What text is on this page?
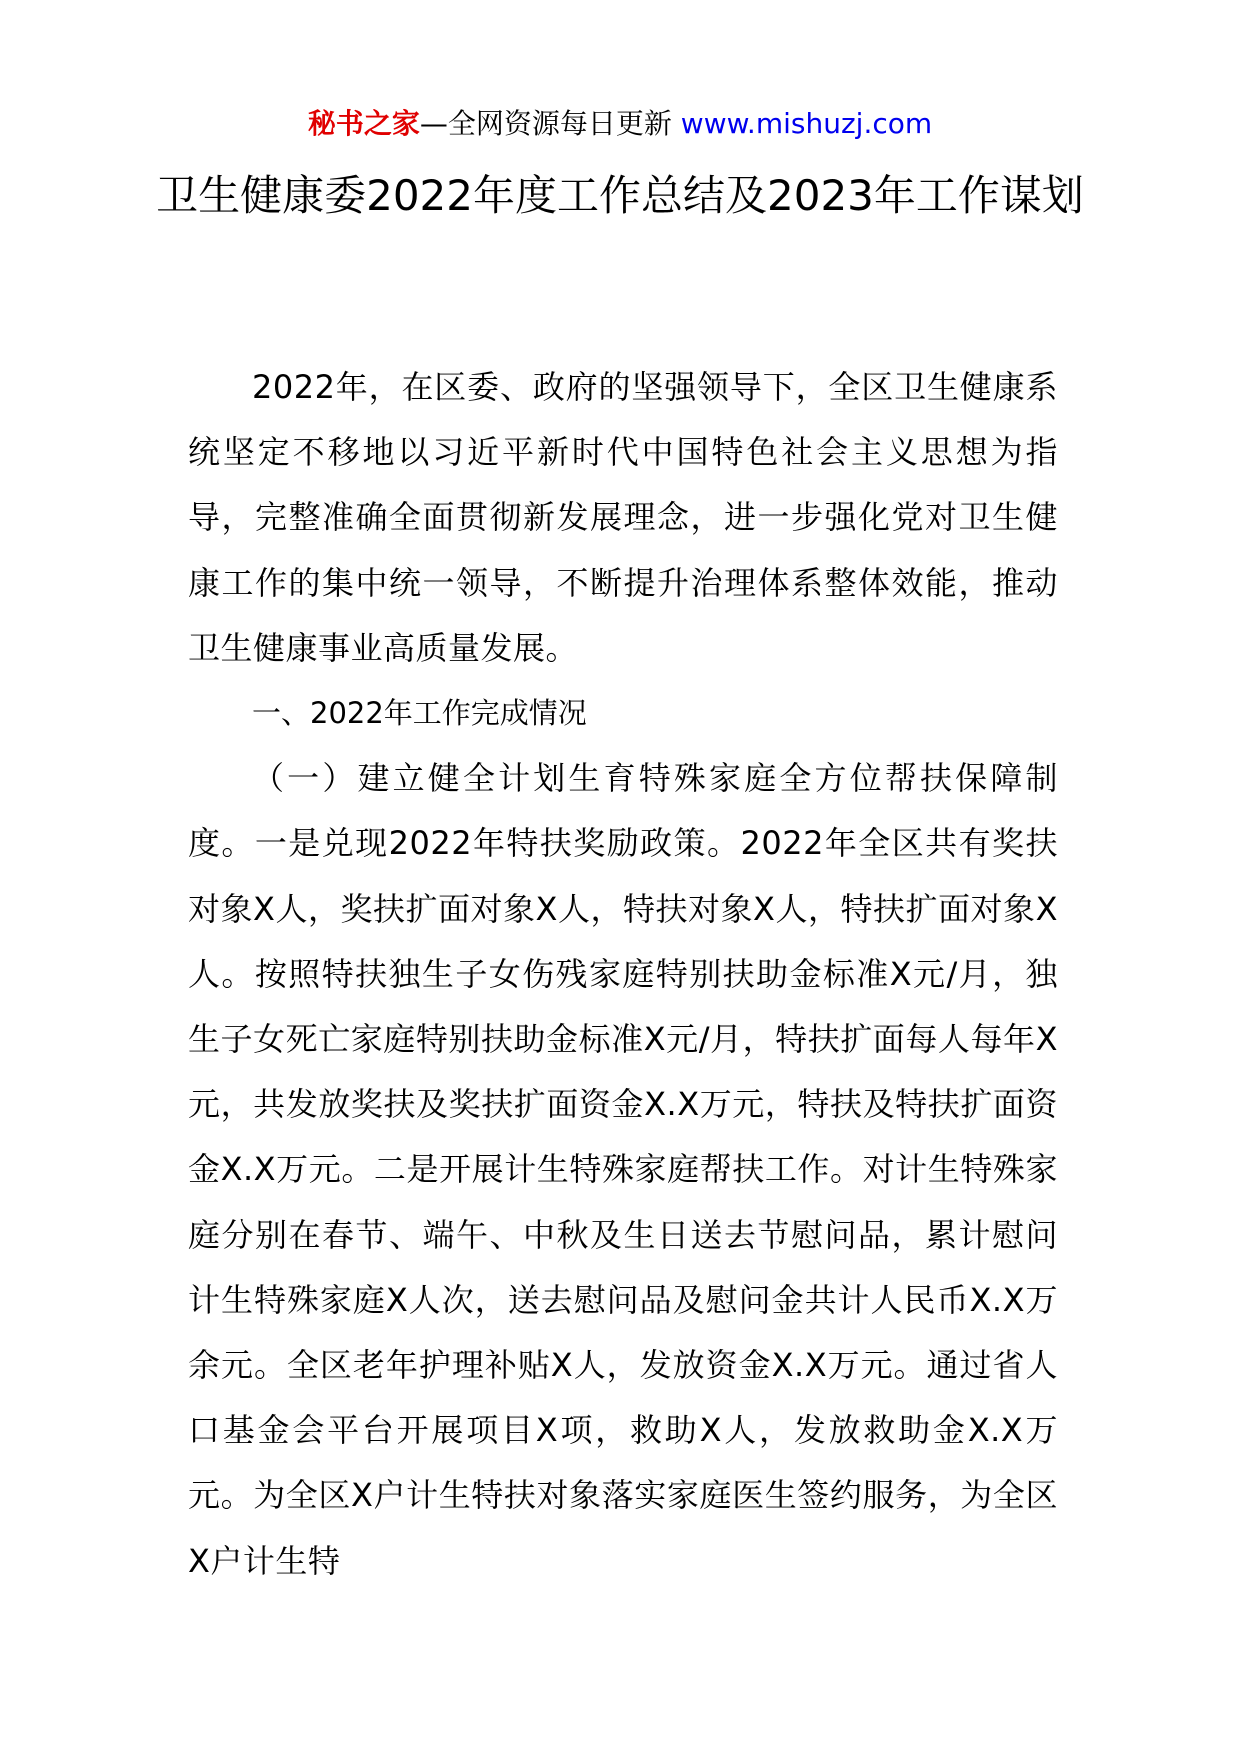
秘书之家—全网资源每日更新 www.mishuzj.com
卫生健康委2022年度工作总结及2023年工作谋划

2022年，在区委、政府的坚强领导下，全区卫生健康系统坚定不移地以习近平新时代中国特色社会主义思想为指导，完整准确全面贯彻新发展理念，进一步强化党对卫生健康工作的集中统一领导，不断提升治理体系整体效能，推动卫生健康事业高质量发展。

一、2022年工作完成情况

（一）建立健全计划生育特殊家庭全方位帮扶保障制度。一是兑现2022年特扶奖励政策。2022年全区共有奖扶对象X人，奖扶扩面对象X人，特扶对象X人，特扶扩面对象X人。按照特扶独生子女伤残家庭特别扶助金标准X元/月，独生子女死亡家庭特别扶助金标准X元/月，特扶扩面每人每年X元，共发放奖扶及奖扶扩面资金X.X万元，特扶及特扶扩面资金X.X万元。二是开展计生特殊家庭帮扶工作。对计生特殊家庭分别在春节、端午、中秋及生日送去节慰问品，累计慰问计生特殊家庭X人次，送去慰问品及慰问金共计人民币X.X万余元。全区老年护理补贴X人，发放资金X.X万元。通过省人口基金会平台开展项目X项，救助X人，发放救助金X.X万元。为全区X户计生特扶对象落实家庭医生签约服务，为全区X户计生特
